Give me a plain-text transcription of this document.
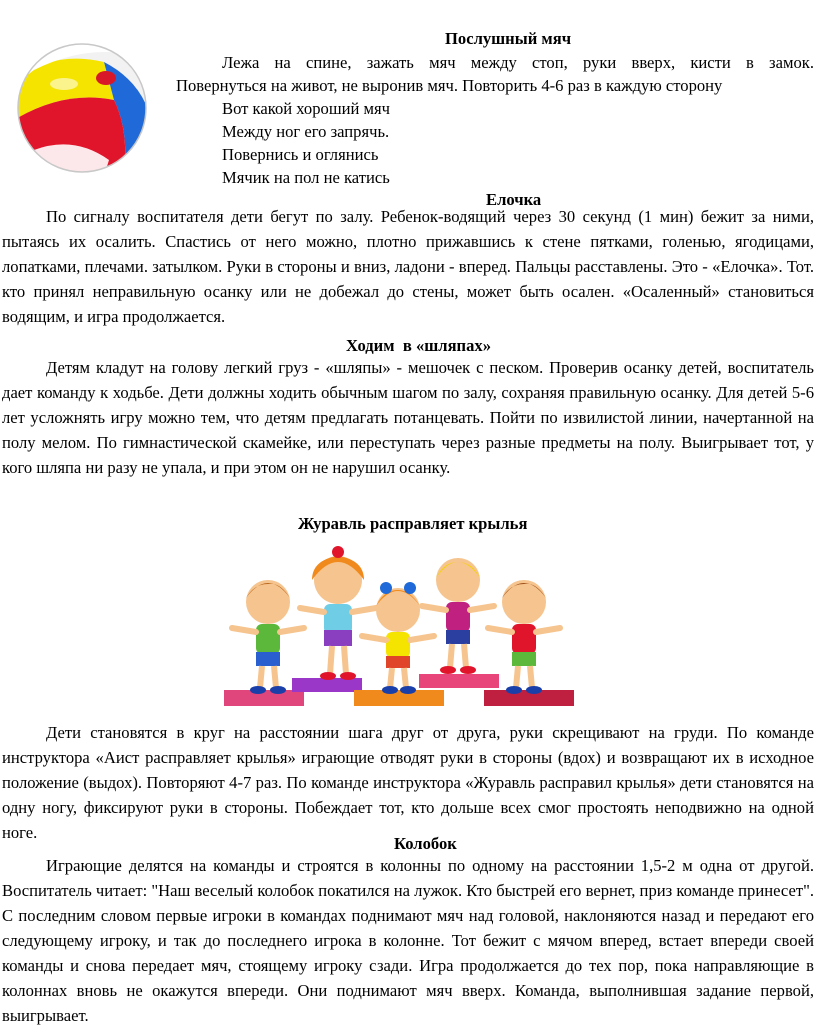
Послушный мяч
Лежа на спине, зажать мяч между стоп, руки вверх, кисти в замок.
Повернуться на живот, не выронив мяч. Повторить 4-6 раз в каждую сторону
Вот какой хороший мяч
Между ног его запрячь.
Повернись и оглянись
Мячик на пол не катись
Елочка

По сигналу воспитателя дети бегут по залу. Ребенок-водящий через 30 секунд (1 мин) бежит за ними, пытаясь их осалить. Спастись от него можно, плотно прижавшись к стене пятками, голенью, ягодицами, лопатками, плечами. затылком. Руки в стороны и вниз, ладони - вперед. Пальцы расставлены. Это - «Елочка». Тот. кто принял неправильную осанку или не добежал до стены, может быть осален. «Осаленный» становиться водящим, и игра продолжается.

Ходим  в «шляпах»

Детям кладут на голову легкий груз - «шляпы» - мешочек с песком. Проверив осанку детей, воспитатель дает команду к ходьбе. Дети должны ходить обычным шагом по залу, сохраняя правильную осанку. Для детей 5-6 лет усложнять игру можно тем, что детям предлагать потанцевать. Пойти по извилистой линии, начертанной на полу мелом. По гимнастической скамейке, или переступать через разные предметы на полу. Выигрывает тот, у кого шляпа ни разу не упала, и при этом он не нарушил осанку.

Журавль расправляет крылья

Дети становятся в круг на расстоянии шага друг от друга, руки скрещивают на груди. По команде инструктора «Аист расправляет крылья» играющие отводят руки в стороны (вдох) и возвращают их в исходное положение (выдох). Повторяют 4-7 раз. По команде инструктора «Журавль расправил крылья» дети становятся на одну ногу, фиксируют руки в стороны. Побеждает тот, кто дольше всех смог простоять неподвижно на одной ноге.

Колобок

Играющие делятся на команды и строятся в колонны по одному на расстоянии 1,5-2 м одна от другой. Воспитатель читает: "Наш веселый колобок покатился на лужок. Кто быстрей его вернет, приз команде принесет". С последним словом первые игроки в командах поднимают мяч над головой, наклоняются назад и передают его следующему игроку, и так до последнего игрока в колонне. Тот бежит с мячом вперед, встает впереди своей команды и снова передает мяч, стоящему игроку сзади. Игра продолжается до тех пор, пока направляющие в колоннах вновь не окажутся впереди. Они поднимают мяч вверх. Команда, выполнившая задание первой, выигрывает.
